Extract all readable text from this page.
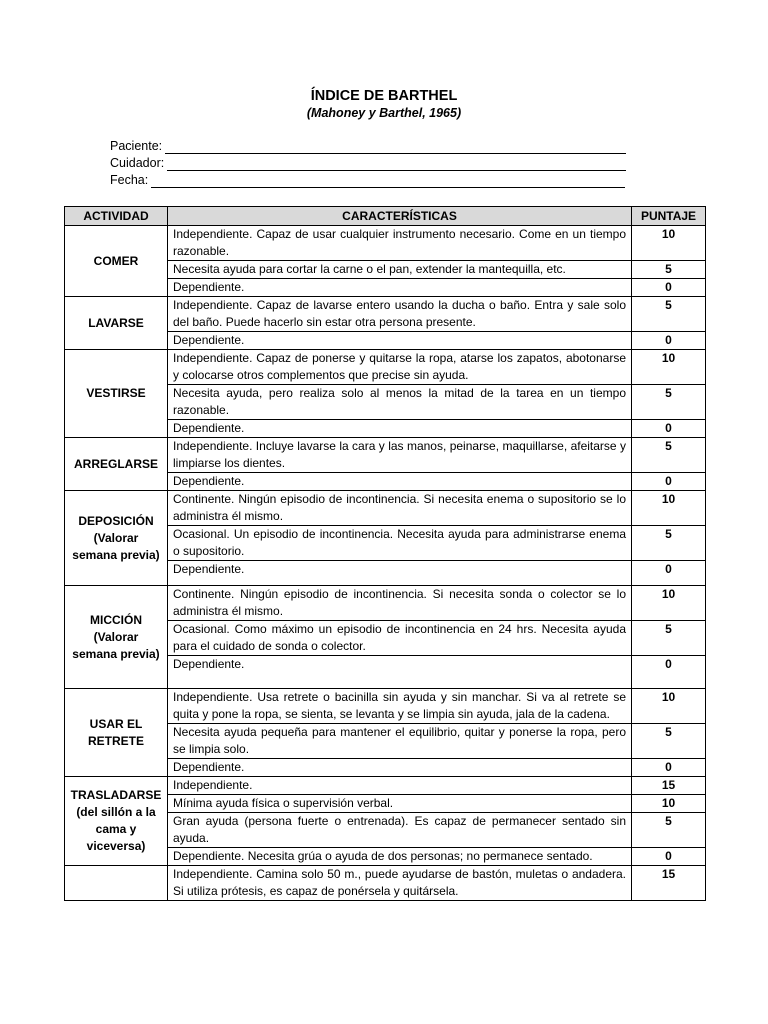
ÍNDICE DE BARTHEL
(Mahoney y Barthel, 1965)
Paciente:
Cuidador:
Fecha:
ACTIVIDAD	CARACTERÍSTICAS	PUNTAJE
COMER	Independiente. Capaz de usar cualquier instrumento necesario. Come en un tiempo razonable.	10
	Necesita ayuda para cortar la carne o el pan, extender la mantequilla, etc.	5
	Dependiente.	0
LAVARSE	Independiente. Capaz de lavarse entero usando la ducha o baño. Entra y sale solo del baño. Puede hacerlo sin estar otra persona presente.	5
	Dependiente.	0
VESTIRSE	Independiente. Capaz de ponerse y quitarse la ropa, atarse los zapatos, abotonarse y colocarse otros complementos que precise sin ayuda.	10
	Necesita ayuda, pero realiza solo al menos la mitad de la tarea en un tiempo razonable.	5
	Dependiente.	0
ARREGLARSE	Independiente. Incluye lavarse la cara y las manos, peinarse, maquillarse, afeitarse y limpiarse los dientes.	5
	Dependiente.	0
DEPOSICIÓN (Valorar semana previa)	Continente. Ningún episodio de incontinencia. Si necesita enema o supositorio se lo administra él mismo.	10
	Ocasional. Un episodio de incontinencia. Necesita ayuda para administrarse enema o supositorio.	5
	Dependiente.	0
MICCIÓN (Valorar semana previa)	Continente. Ningún episodio de incontinencia. Si necesita sonda o colector se lo administra él mismo.	10
	Ocasional. Como máximo un episodio de incontinencia en 24 hrs. Necesita ayuda para el cuidado de sonda o colector.	5
	Dependiente.	0
USAR EL RETRETE	Independiente. Usa retrete o bacinilla sin ayuda y sin manchar. Si va al retrete se quita y pone la ropa, se sienta, se levanta y se limpia sin ayuda, jala de la cadena.	10
	Necesita ayuda pequeña para mantener el equilibrio, quitar y ponerse la ropa, pero se limpia solo.	5
	Dependiente.	0
TRASLADARSE (del sillón a la cama y viceversa)	Independiente.	15
	Mínima ayuda física o supervisión verbal.	10
	Gran ayuda (persona fuerte o entrenada). Es capaz de permanecer sentado sin ayuda.	5
	Dependiente. Necesita grúa o ayuda de dos personas; no permanece sentado.	0
	Independiente. Camina solo 50 m., puede ayudarse de bastón, muletas o andadera. Si utiliza prótesis, es capaz de ponérsela y quitársela.	15
